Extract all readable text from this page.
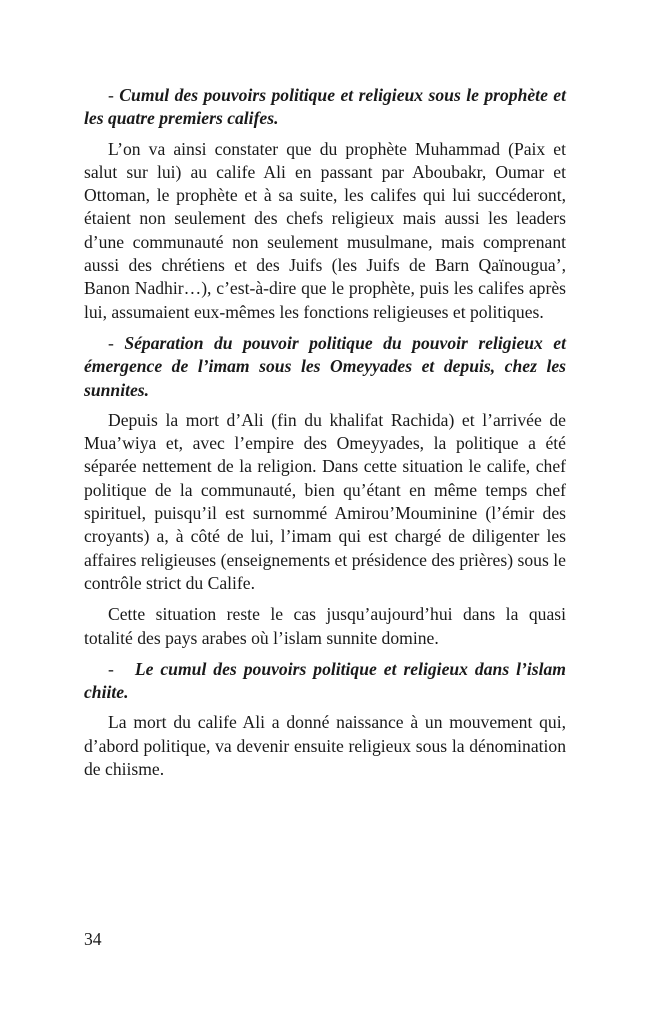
- Cumul des pouvoirs politique et religieux sous le prophète et les quatre premiers califes.

L’on va ainsi constater que du prophète Muhammad (Paix et salut sur lui) au calife Ali en passant par Aboubakr, Oumar et Ottoman, le prophète et à sa suite, les califes qui lui succéderont, étaient non seulement des chefs religieux mais aussi les leaders d’une communauté non seulement musulmane, mais comprenant aussi des chrétiens et des Juifs (les Juifs de Barn Qaïnougua’, Banon Nadhir…), c’est-à-dire que le prophète, puis les califes après lui, assumaient eux-mêmes les fonctions religieuses et politiques.

- Séparation du pouvoir politique du pouvoir religieux et émergence de l’imam sous les Omeyyades et depuis, chez les sunnites.

Depuis la mort d’Ali (fin du khalifat Rachida) et l’arrivée de Mua’wiya et, avec l’empire des Omeyyades, la politique a été séparée nettement de la religion. Dans cette situation le calife, chef politique de la communauté, bien qu’étant en même temps chef spirituel, puisqu’il est surnommé Amirou’Mouminine (l’émir des croyants) a, à côté de lui, l’imam qui est chargé de diligenter les affaires religieuses (enseignements et présidence des prières) sous le contrôle strict du Calife.

Cette situation reste le cas jusqu’aujourd’hui dans la quasi totalité des pays arabes où l’islam sunnite domine.

- Le cumul des pouvoirs politique et religieux dans l’islam chiite.

La mort du calife Ali a donné naissance à un mouvement qui, d’abord politique, va devenir ensuite religieux sous la dénomination de chiisme.

34
